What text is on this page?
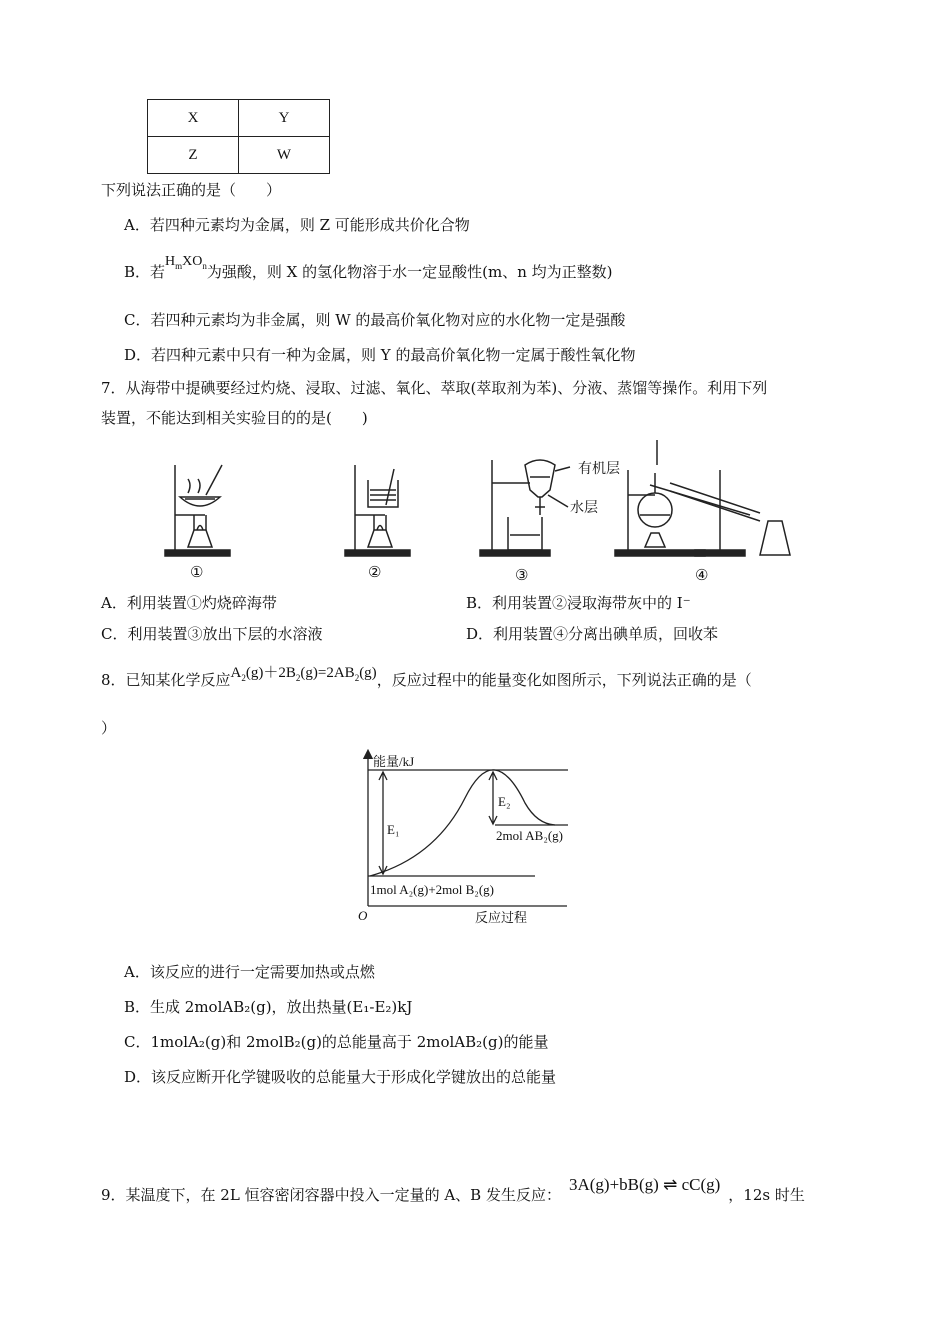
X	Y
Z	W
下列说法正确的是（　　）
A．若四种元素均为金属，则 Z 可能形成共价化合物
B．若$H_mXO_n$为强酸，则 X 的氢化物溶于水一定显酸性(m、n 均为正整数)
C．若四种元素均为非金属，则 W 的最高价氧化物对应的水化物一定是强酸
D．若四种元素中只有一种为金属，则 Y 的最高价氧化物一定属于酸性氧化物
7．从海带中提碘要经过灼烧、浸取、过滤、氧化、萃取(萃取剂为苯)、分液、蒸馏等操作。利用下列
装置，不能达到相关实验目的的是(　　)
有机层
水层
①	②	③	④
A．利用装置①灼烧碎海带	B．利用装置②浸取海带灰中的 I⁻
C．利用装置③放出下层的水溶液	D．利用装置④分离出碘单质，回收苯
8．已知某化学反应$A_2(g)+2B_2(g)=2AB_2(g)$，反应过程中的能量变化如图所示，下列说法正确的是（
）
能量/kJ
E₁
E₂
2mol AB₂(g)
1mol A₂(g)+2mol B₂(g)
O	反应过程
A．该反应的进行一定需要加热或点燃
B．生成 2molAB₂(g)，放出热量(E₁-E₂)kJ
C．1molA₂(g)和 2molB₂(g)的总能量高于 2molAB₂(g)的能量
D．该反应断开化学键吸收的总能量大于形成化学键放出的总能量
9．某温度下，在 2L 恒容密闭容器中投入一定量的 A、B 发生反应：3A(g)+bB(g) ⇌ cC(g)，12s 时生
